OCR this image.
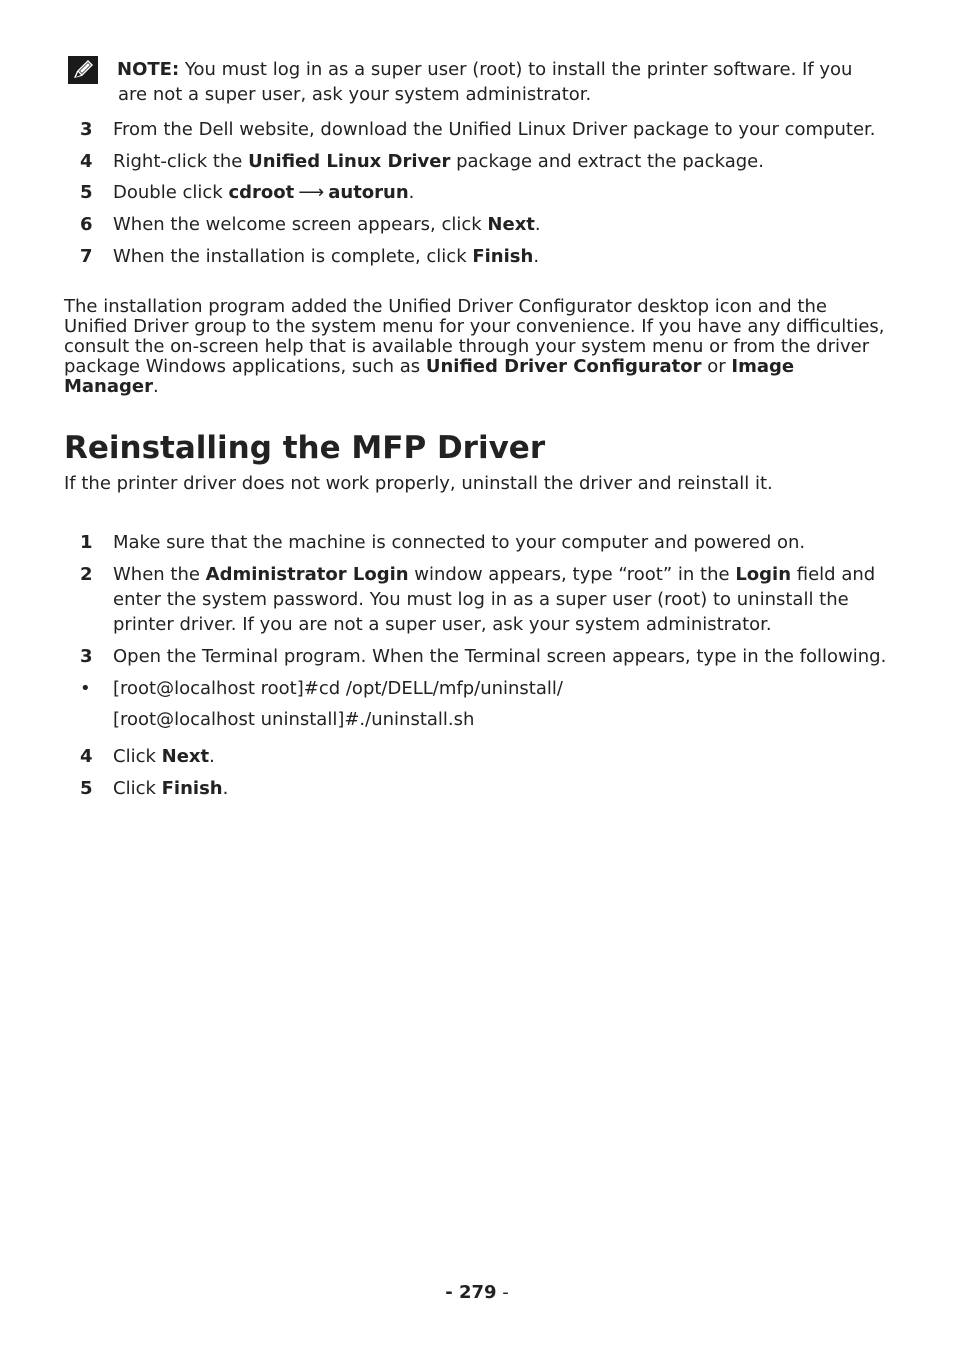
NOTE: You must log in as a super user (root) to install the printer software. If you
are not a super user, ask your system administrator.
3	From the Dell website, download the Unified Linux Driver package to your computer.
4	Right-click the Unified Linux Driver package and extract the package.
5	Double click cdroot ⟶ autorun.
6	When the welcome screen appears, click Next.
7	When the installation is complete, click Finish.
The installation program added the Unified Driver Configurator desktop icon and the
Unified Driver group to the system menu for your convenience. If you have any difficulties,
consult the on-screen help that is available through your system menu or from the driver
package Windows applications, such as Unified Driver Configurator or Image Manager.
Reinstalling the MFP Driver
If the printer driver does not work properly, uninstall the driver and reinstall it.
1	Make sure that the machine is connected to your computer and powered on.
2	When the Administrator Login window appears, type “root” in the Login field and
enter the system password. You must log in as a super user (root) to uninstall the
printer driver. If you are not a super user, ask your system administrator.
3	Open the Terminal program. When the Terminal screen appears, type in the following.
• [root@localhost root]#cd /opt/DELL/mfp/uninstall/
[root@localhost uninstall]#./uninstall.sh
4	Click Next.
5	Click Finish.
- 279 -
